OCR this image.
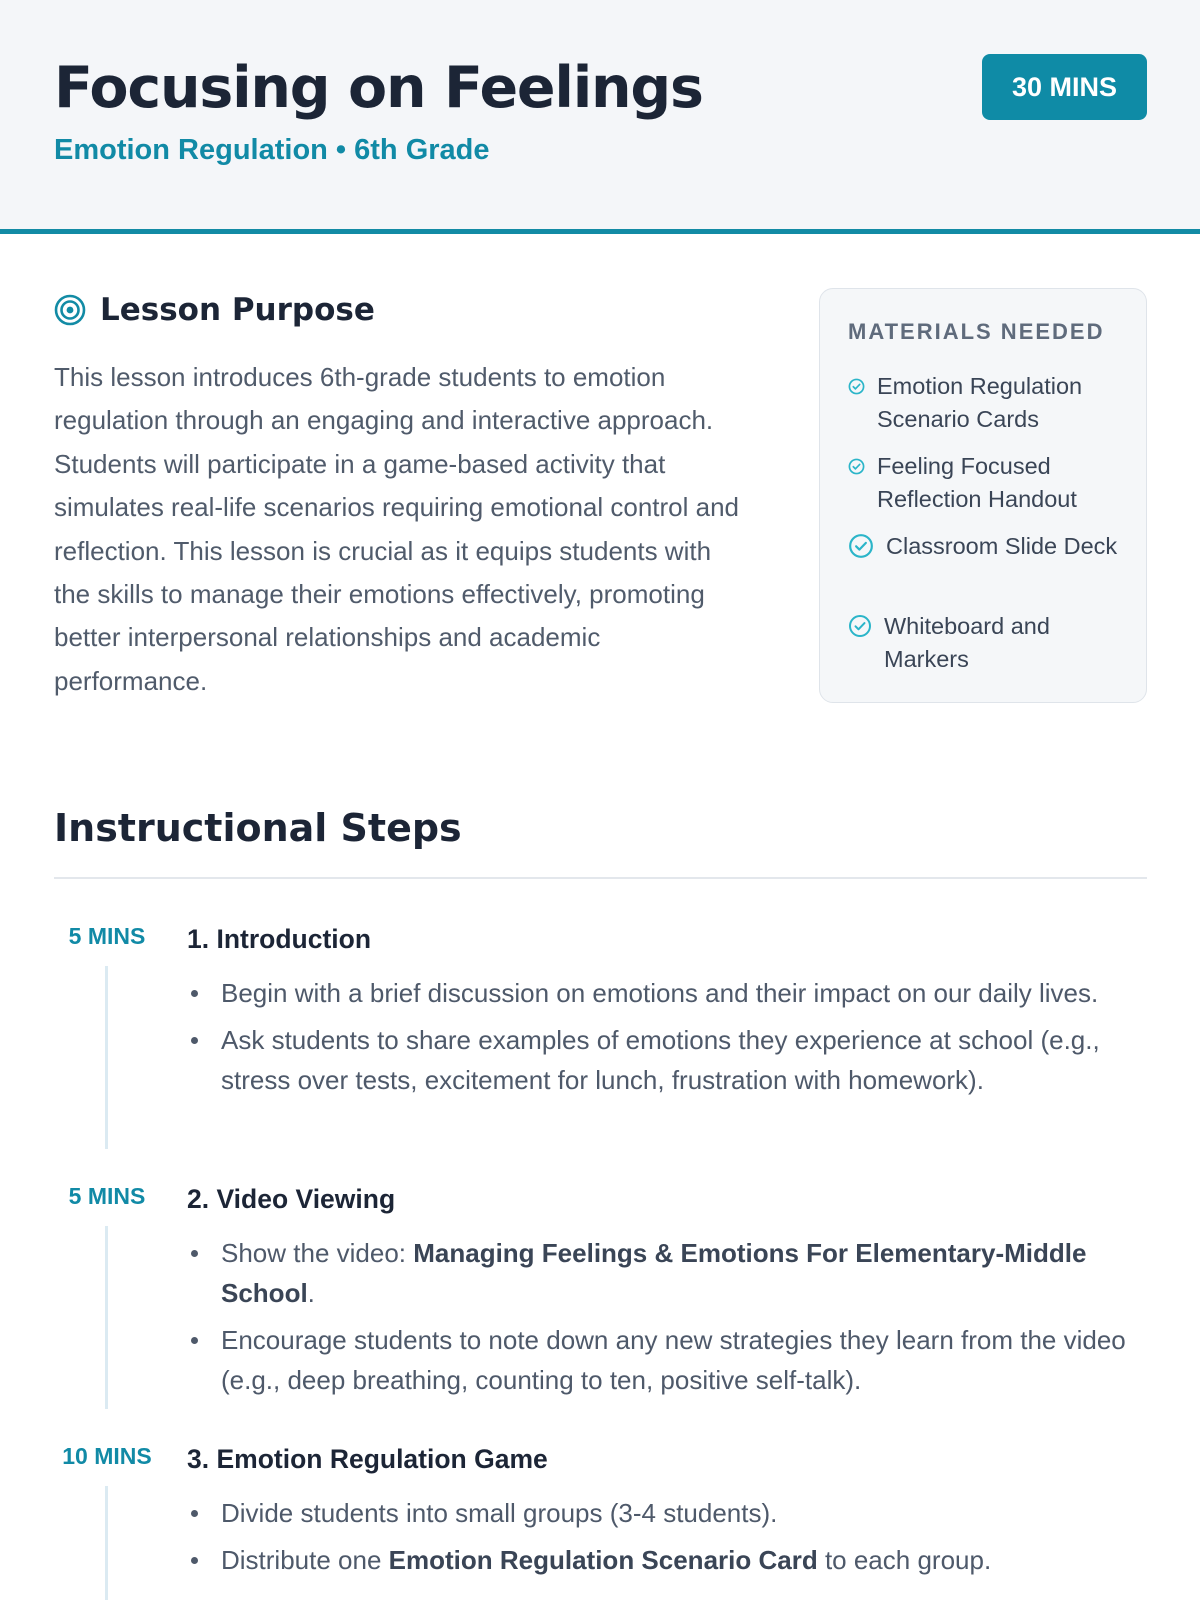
Focusing on Feelings
Emotion Regulation • 6th Grade
30 MINS
Lesson Purpose

This lesson introduces 6th-grade students to emotion regulation through an engaging and interactive approach. Students will participate in a game-based activity that simulates real-life scenarios requiring emotional control and reflection. This lesson is crucial as it equips students with the skills to manage their emotions effectively, promoting better interpersonal relationships and academic performance.

MATERIALS NEEDED
Emotion Regulation Scenario Cards
Feeling Focused Reflection Handout
Classroom Slide Deck
Whiteboard and Markers
Instructional Steps
5 MINS	1. Introduction
Begin with a brief discussion on emotions and their impact on our daily lives.
Ask students to share examples of emotions they experience at school (e.g., stress over tests, excitement for lunch, frustration with homework).
5 MINS	2. Video Viewing
Show the video: Managing Feelings & Emotions For Elementary-Middle School.
Encourage students to note down any new strategies they learn from the video (e.g., deep breathing, counting to ten, positive self-talk).
10 MINS	3. Emotion Regulation Game
Divide students into small groups (3-4 students).
Distribute one Emotion Regulation Scenario Card to each group.
